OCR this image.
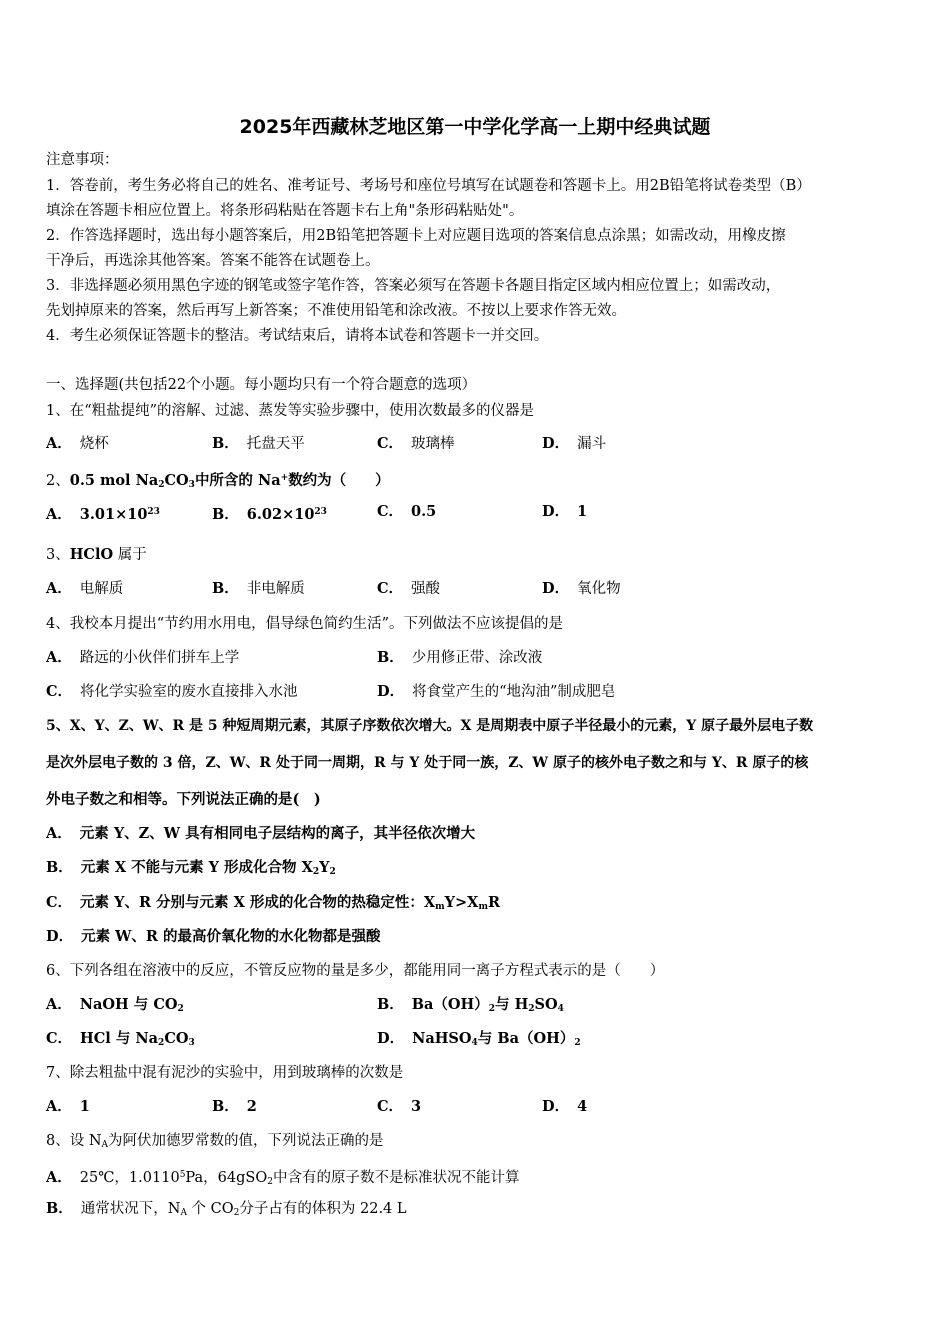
2025年西藏林芝地区第一中学化学高一上期中经典试题
注意事项：
1．答卷前，考生务必将自己的姓名、准考证号、考场号和座位号填写在试题卷和答题卡上。用2B铅笔将试卷类型（B）
填涂在答题卡相应位置上。将条形码粘贴在答题卡右上角"条形码粘贴处"。
2．作答选择题时，选出每小题答案后，用2B铅笔把答题卡上对应题目选项的答案信息点涂黑；如需改动，用橡皮擦
干净后，再选涂其他答案。答案不能答在试题卷上。
3．非选择题必须用黑色字迹的钢笔或签字笔作答，答案必须写在答题卡各题目指定区域内相应位置上；如需改动，
先划掉原来的答案，然后再写上新答案；不准使用铅笔和涂改液。不按以上要求作答无效。
4．考生必须保证答题卡的整洁。考试结束后，请将本试卷和答题卡一并交回。
一、选择题(共包括22个小题。每小题均只有一个符合题意的选项）
1、在“粗盐提纯”的溶解、过滤、蒸发等实验步骤中，使用次数最多的仪器是
A． 烧杯	B． 托盘天平	C． 玻璃棒	D． 漏斗
2、0.5 mol $Na_2CO_3$中所含的 Na+数约为（　　）
A． $3.01\times 10^{23}$	B． $6.02\times 10^{23}$	C． 0.5	D． 1
3、HClO 属于
A． 电解质	B． 非电解质	C． 强酸	D． 氧化物
4、我校本月提出“节约用水用电，倡导绿色简约生活”。下列做法不应该提倡的是
A． 路远的小伙伴们拼车上学	B． 少用修正带、涂改液
C． 将化学实验室的废水直接排入水池	D． 将食堂产生的“地沟油”制成肥皂
5、X、Y、Z、W、R 是 5 种短周期元素，其原子序数依次增大。X 是周期表中原子半径最小的元素，Y 原子最外层电子数
是次外层电子数的 3 倍，Z、W、R 处于同一周期，R 与 Y 处于同一族，Z、W 原子的核外电子数之和与 Y、R 原子的核
外电子数之和相等。下列说法正确的是(　)
A． 元素 Y、Z、W 具有相同电子层结构的离子，其半径依次增大
B． 元素 X 不能与元素 Y 形成化合物 $X_2Y_2$
C． 元素 Y、R 分别与元素 X 形成的化合物的热稳定性：$X_mY>X_mR$
D． 元素 W、R 的最高价氧化物的水化物都是强酸
6、下列各组在溶液中的反应，不管反应物的量是多少，都能用同一离子方程式表示的是（　　）
A． NaOH 与 $CO_2$	B． $Ba(OH)_2$与 $H_2SO_4$
C． HCl 与 $Na_2CO_3$	D． NaHSO$_4$与 $Ba(OH)_2$
7、除去粗盐中混有泥沙的实验中，用到玻璃棒的次数是
A． 1	B． 2	C． 3	D． 4
8、设 $N_A$为阿伏加德罗常数的值，下列说法正确的是
A． 25℃，1.0110$^5$Pa，64gSO$_2$中含有的原子数不是标准状况不能计算
B． 通常状况下，$N_A$ 个 $CO_2$分子占有的体积为 22.4 L
